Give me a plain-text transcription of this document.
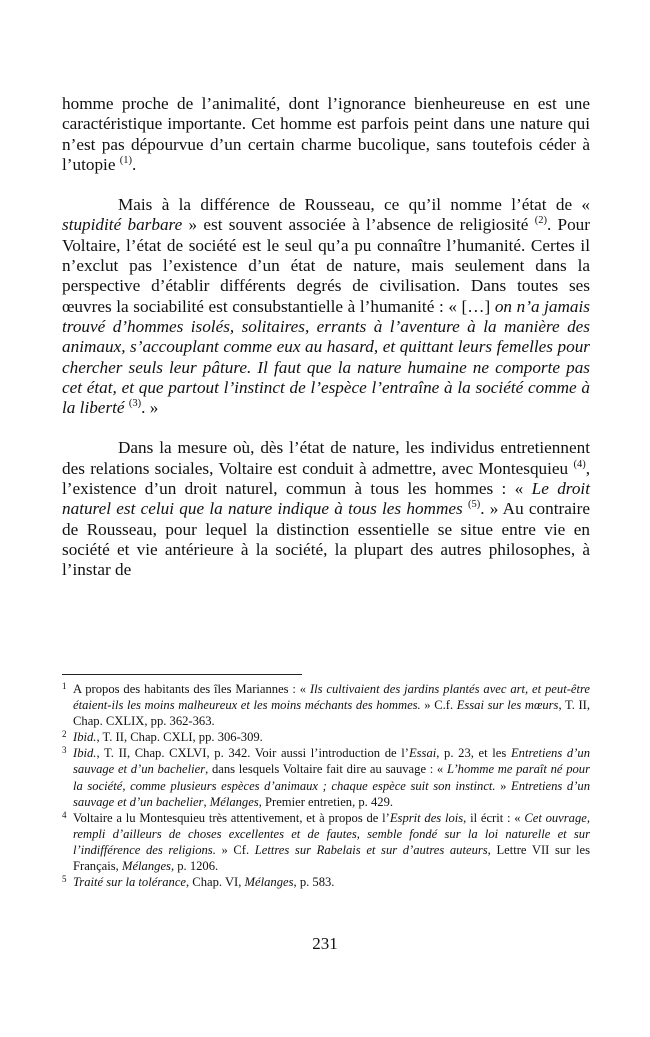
homme proche de l’animalité, dont l’ignorance bienheureuse en est une caractéristique importante. Cet homme est parfois peint dans une nature qui n’est pas dépourvue d’un certain charme bucolique, sans toutefois céder à l’utopie $^{(1)}$.

Mais à la différence de Rousseau, ce qu’il nomme l’état de « stupidité barbare » est souvent associée à l’absence de religiosité $^{(2)}$. Pour Voltaire, l’état de société est le seul qu’a pu connaître l’humanité. Certes il n’exclut pas l’existence d’un état de nature, mais seulement dans la perspective d’établir différents degrés de civilisation. Dans toutes ses œuvres la sociabilité est consubstantielle à l’humanité : « […] on n’a jamais trouvé d’hommes isolés, solitaires, errants à l’aventure à la manière des animaux, s’accouplant comme eux au hasard, et quittant leurs femelles pour chercher seuls leur pâture. Il faut que la nature humaine ne comporte pas cet état, et que partout l’instinct de l’espèce l’entraîne à la société comme à la liberté $^{(3)}$. »

Dans la mesure où, dès l’état de nature, les individus entretiennent des relations sociales, Voltaire est conduit à admettre, avec Montesquieu $^{(4)}$, l’existence d’un droit naturel, commun à tous les hommes : « Le droit naturel est celui que la nature indique à tous les hommes $^{(5)}$. » Au contraire de Rousseau, pour lequel la distinction essentielle se situe entre vie en société et vie antérieure à la société, la plupart des autres philosophes, à l’instar de

1 A propos des habitants des îles Mariannes : « Ils cultivaient des jardins plantés avec art, et peut-être étaient-ils les moins malheureux et les moins méchants des hommes. » C.f. Essai sur les mœurs, T. II, Chap. CXLIX, pp. 362-363.

2 Ibid., T. II, Chap. CXLI, pp. 306-309.

3 Ibid., T. II, Chap. CXLVI, p. 342. Voir aussi l’introduction de l’Essai, p. 23, et les Entretiens d’un sauvage et d’un bachelier, dans lesquels Voltaire fait dire au sauvage : « L’homme me paraît né pour la société, comme plusieurs espèces d’animaux ; chaque espèce suit son instinct. » Entretiens d’un sauvage et d’un bachelier, Mélanges, Premier entretien, p. 429.

4 Voltaire a lu Montesquieu très attentivement, et à propos de l’Esprit des lois, il écrit : « Cet ouvrage, rempli d’ailleurs de choses excellentes et de fautes, semble fondé sur la loi naturelle et sur l’indifférence des religions. » Cf. Lettres sur Rabelais et sur d’autres auteurs, Lettre VII sur les Français, Mélanges, p. 1206.

5 Traité sur la tolérance, Chap. VI, Mélanges, p. 583.

231
